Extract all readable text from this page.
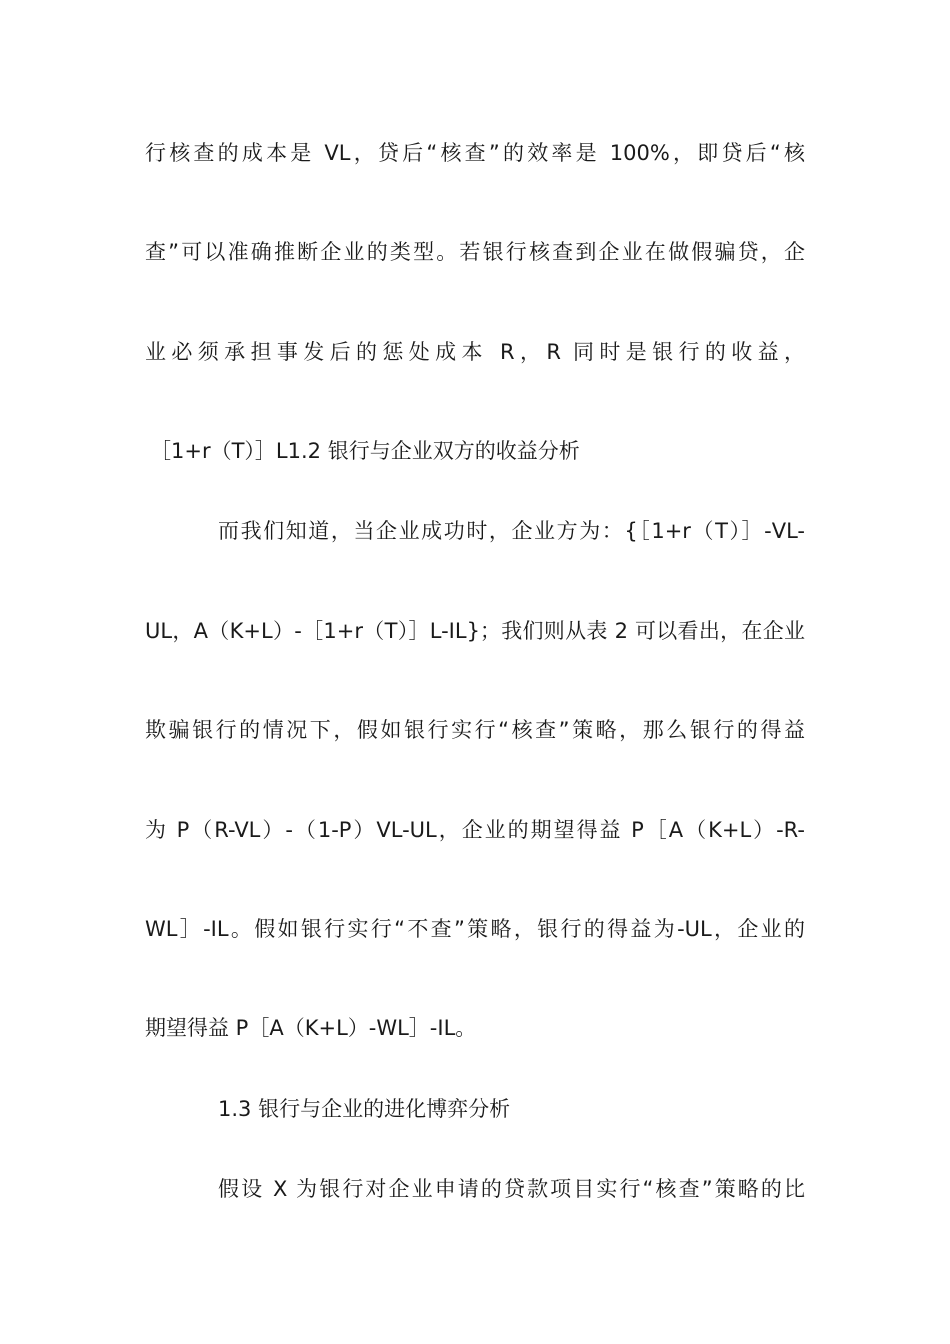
行核查的成本是 VL，贷后“核查”的效率是 100%，即贷后“核
查”可以准确推断企业的类型。若银行核查到企业在做假骗贷，企
业必须承担事发后的惩处成本 R，R 同时是银行的收益，
［1+r（T）］L1.2 银行与企业双方的收益分析
而我们知道，当企业成功时，企业方为：{［1+r（T）］-VL-
UL，A（K+L）-［1+r（T）］L-IL}；我们则从表 2 可以看出，在企业
欺骗银行的情况下，假如银行实行“核查”策略，那么银行的得益
为 P（R-VL）-（1-P）VL-UL，企业的期望得益 P［A（K+L）-R-
WL］-IL。假如银行实行“不查”策略，银行的得益为-UL，企业的
期望得益 P［A（K+L）-WL］-IL。
1.3 银行与企业的进化博弈分析
假设 X 为银行对企业申请的贷款项目实行“核查”策略的比
